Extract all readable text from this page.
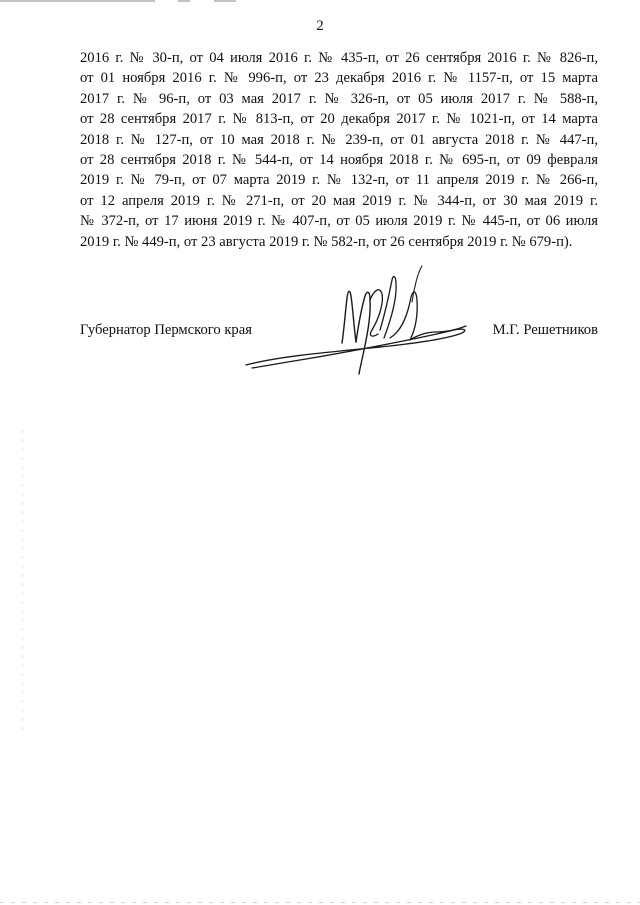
2

2016 г. № 30-п, от 04 июля 2016 г. № 435-п, от 26 сентября 2016 г. № 826-п,
от 01 ноября 2016 г. № 996-п, от 23 декабря 2016 г. № 1157-п, от 15 марта
2017 г. № 96-п, от 03 мая 2017 г. № 326-п, от 05 июля 2017 г. № 588-п,
от 28 сентября 2017 г. № 813-п, от 20 декабря 2017 г. № 1021-п, от 14 марта
2018 г. № 127-п, от 10 мая 2018 г. № 239-п, от 01 августа 2018 г. № 447-п,
от 28 сентября 2018 г. № 544-п, от 14 ноября 2018 г. № 695-п, от 09 февраля
2019 г. № 79-п, от 07 марта 2019 г. № 132-п, от 11 апреля 2019 г. № 266-п,
от 12 апреля 2019 г. № 271-п, от 20 мая 2019 г. № 344-п, от 30 мая 2019 г.
№ 372-п, от 17 июня 2019 г. № 407-п, от 05 июля 2019 г. № 445-п, от 06 июля
2019 г. № 449-п, от 23 августа 2019 г. № 582-п, от 26 сентября 2019 г. № 679-п).

Губернатор Пермского края	М.Г. Решетников
